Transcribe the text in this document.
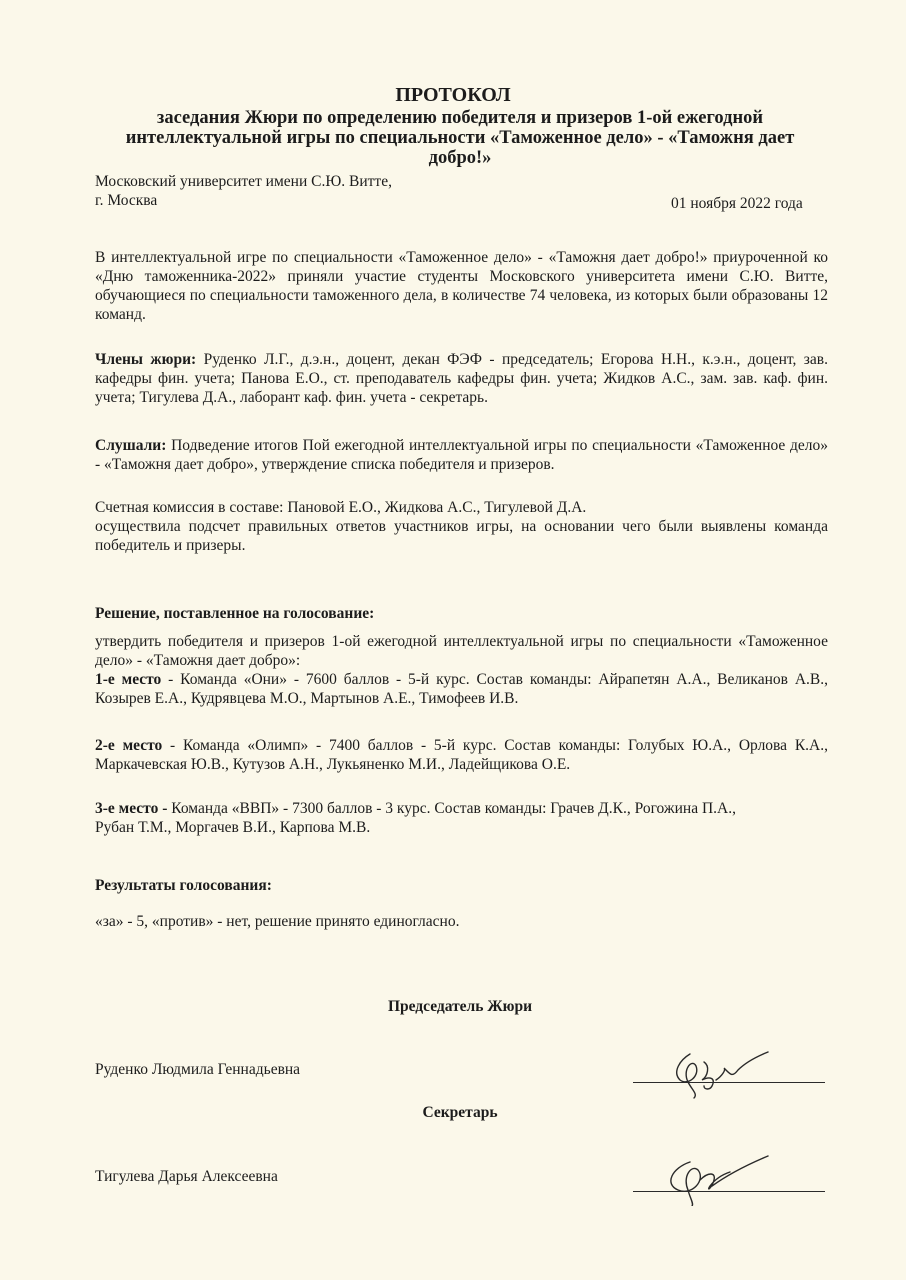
ПРОТОКОЛ
заседания Жюри по определению победителя и призеров 1-ой ежегодной интеллектуальной игры по специальности «Таможенное дело» - «Таможня дает добро!»
Московский университет имени С.Ю. Витте,
г. Москва	01 ноября 2022 года
В интеллектуальной игре по специальности «Таможенное дело» - «Таможня дает добро!» приуроченной ко «Дню таможенника-2022» приняли участие студенты Московского университета имени С.Ю. Витте, обучающиеся по специальности таможенного дела, в количестве 74 человека, из которых были образованы 12 команд.
Члены жюри: Руденко Л.Г., д.э.н., доцент, декан ФЭФ - председатель; Егорова Н.Н., к.э.н., доцент, зав. кафедры фин. учета; Панова Е.О., ст. преподаватель кафедры фин. учета; Жидков А.С., зам. зав. каф. фин. учета; Тигулева Д.А., лаборант каф. фин. учета - секретарь.
Слушали: Подведение итогов Пой ежегодной интеллектуальной игры по специальности «Таможенное дело» - «Таможня дает добро», утверждение списка победителя и призеров.
Счетная комиссия в составе: Пановой Е.О., Жидкова А.С., Тигулевой Д.А.
осуществила подсчет правильных ответов участников игры, на основании чего были выявлены команда победитель и призеры.
Решение, поставленное на голосование:
утвердить победителя и призеров 1-ой ежегодной интеллектуальной игры по специальности «Таможенное дело» - «Таможня дает добро»:
1-е место - Команда «Они» - 7600 баллов - 5-й курс. Состав команды: Айрапетян А.А., Великанов А.В., Козырев Е.А., Кудрявцева М.О., Мартынов А.Е., Тимофеев И.В.
2-е место - Команда «Олимп» - 7400 баллов - 5-й курс. Состав команды: Голубых Ю.А., Орлова К.А., Маркачевская Ю.В., Кутузов А.Н., Лукьяненко М.И., Ладейщикова О.Е.
3-е место - Команда «ВВП» - 7300 баллов - 3 курс. Состав команды: Грачев Д.К., Рогожина П.А., Рубан Т.М., Моргачев В.И., Карпова М.В.
Результаты голосования:
«за» - 5, «против» - нет, решение принято единогласно.
Председатель Жюри
Руденко Людмила Геннадьевна
Секретарь
Тигулева Дарья Алексеевна
